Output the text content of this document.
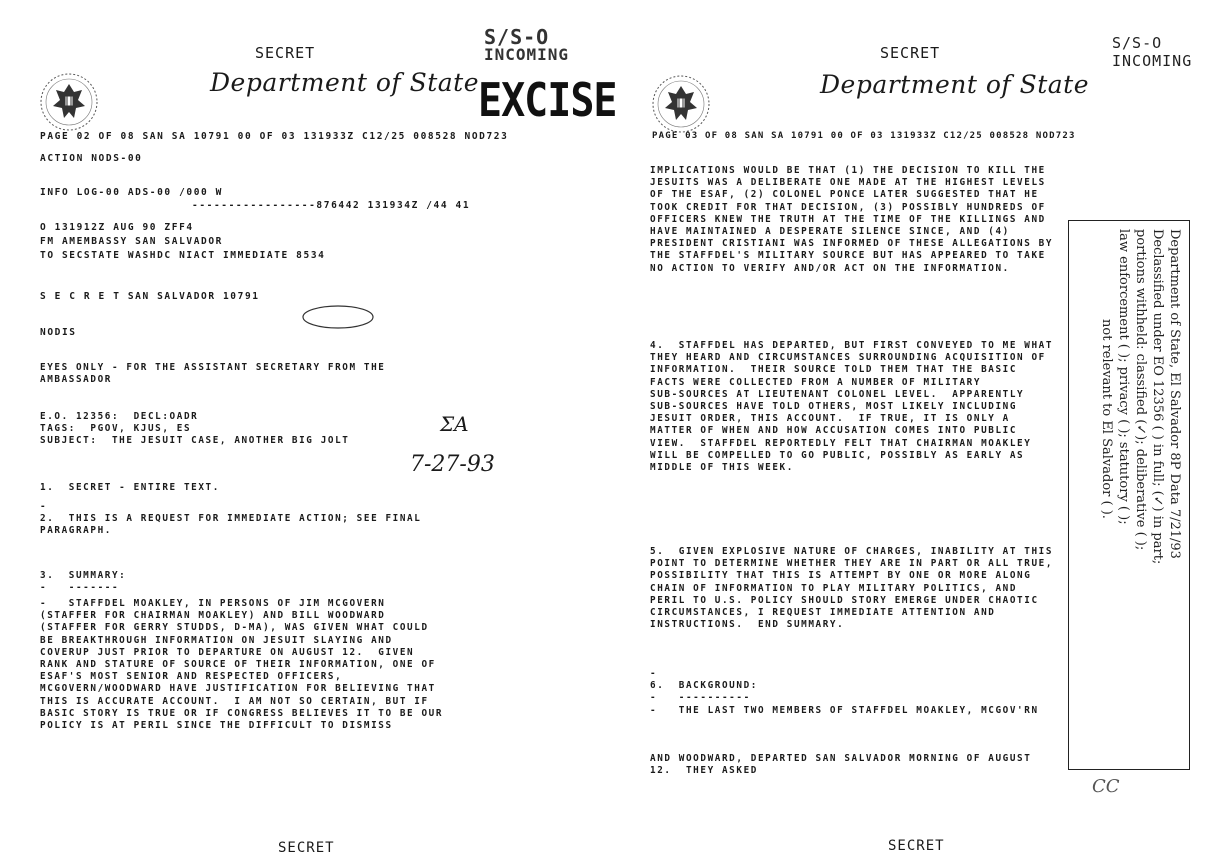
SECRET
Department of State
PAGE 02 OF 08 SAN SA 10791 00 OF 03 131933Z C12/25 008528 NOD723
ACTION NODS-00
INFO LOG-00 ADS-00 /000 W
-----------------876442 131934Z /44 41
O 131912Z AUG 90 ZFF4
FM AMEMBASSY SAN SALVADOR
TO SECSTATE WASHDC NIACT IMMEDIATE 8534
S E C R E T SAN SALVADOR 10791
NODIS
EYES ONLY - FOR THE ASSISTANT SECRETARY FROM THE
AMBASSADOR
E.O. 12356:  DECL:OADR
TAGS:  PGOV, KJUS, ES
SUBJECT:  THE JESUIT CASE, ANOTHER BIG JOLT
ΣA
7-27-93
1.  SECRET - ENTIRE TEXT.
-
2.  THIS IS A REQUEST FOR IMMEDIATE ACTION; SEE FINAL
PARAGRAPH.
3.  SUMMARY:
-   -------
-   STAFFDEL MOAKLEY, IN PERSONS OF JIM MCGOVERN
(STAFFER FOR CHAIRMAN MOAKLEY) AND BILL WOODWARD
(STAFFER FOR GERRY STUDDS, D-MA), WAS GIVEN WHAT COULD
BE BREAKTHROUGH INFORMATION ON JESUIT SLAYING AND
COVERUP JUST PRIOR TO DEPARTURE ON AUGUST 12.  GIVEN
RANK AND STATURE OF SOURCE OF THEIR INFORMATION, ONE OF
ESAF'S MOST SENIOR AND RESPECTED OFFICERS,
MCGOVERN/WOODWARD HAVE JUSTIFICATION FOR BELIEVING THAT
THIS IS ACCURATE ACCOUNT.  I AM NOT SO CERTAIN, BUT IF
BASIC STORY IS TRUE OR IF CONGRESS BELIEVES IT TO BE OUR
POLICY IS AT PERIL SINCE THE DIFFICULT TO DISMISS
SECRET
S/S-O
INCOMING
EXCISE
S/S-O
INCOMING
SECRET
Department of State
PAGE 03 OF 08 SAN SA 10791 00 OF 03 131933Z C12/25 008528 NOD723
IMPLICATIONS WOULD BE THAT (1) THE DECISION TO KILL THE
JESUITS WAS A DELIBERATE ONE MADE AT THE HIGHEST LEVELS
OF THE ESAF, (2) COLONEL PONCE LATER SUGGESTED THAT HE
TOOK CREDIT FOR THAT DECISION, (3) POSSIBLY HUNDREDS OF
OFFICERS KNEW THE TRUTH AT THE TIME OF THE KILLINGS AND
HAVE MAINTAINED A DESPERATE SILENCE SINCE, AND (4)
PRESIDENT CRISTIANI WAS INFORMED OF THESE ALLEGATIONS BY
THE STAFFDEL'S MILITARY SOURCE BUT HAS APPEARED TO TAKE
NO ACTION TO VERIFY AND/OR ACT ON THE INFORMATION.
4.  STAFFDEL HAS DEPARTED, BUT FIRST CONVEYED TO ME WHAT
THEY HEARD AND CIRCUMSTANCES SURROUNDING ACQUISITION OF
INFORMATION.  THEIR SOURCE TOLD THEM THAT THE BASIC
FACTS WERE COLLECTED FROM A NUMBER OF MILITARY
SUB-SOURCES AT LIEUTENANT COLONEL LEVEL.  APPARENTLY
SUB-SOURCES HAVE TOLD OTHERS, MOST LIKELY INCLUDING
JESUIT ORDER, THIS ACCOUNT.  IF TRUE, IT IS ONLY A
MATTER OF WHEN AND HOW ACCUSATION COMES INTO PUBLIC
VIEW.  STAFFDEL REPORTEDLY FELT THAT CHAIRMAN MOAKLEY
WILL BE COMPELLED TO GO PUBLIC, POSSIBLY AS EARLY AS
MIDDLE OF THIS WEEK.
5.  GIVEN EXPLOSIVE NATURE OF CHARGES, INABILITY AT THIS
POINT TO DETERMINE WHETHER THEY ARE IN PART OR ALL TRUE,
POSSIBILITY THAT THIS IS ATTEMPT BY ONE OR MORE ALONG
CHAIN OF INFORMATION TO PLAY MILITARY POLITICS, AND
PERIL TO U.S. POLICY SHOULD STORY EMERGE UNDER CHAOTIC
CIRCUMSTANCES, I REQUEST IMMEDIATE ATTENTION AND
INSTRUCTIONS.  END SUMMARY.
-
6.  BACKGROUND:
-   ----------
-   THE LAST TWO MEMBERS OF STAFFDEL MOAKLEY, MCGOV'RN
AND WOODWARD, DEPARTED SAN SALVADOR MORNING OF AUGUST
12.  THEY ASKED
CC
SECRET
Department of State, El Salvador 8P Data 7/21/93
Declassified under EO 12356 ( ) in full; (✓) in part;
portions withheld: classified (✓); deliberative ( );
law enforcement ( ); privacy ( ); statutory ( );
not relevant to El Salvador ( ).
